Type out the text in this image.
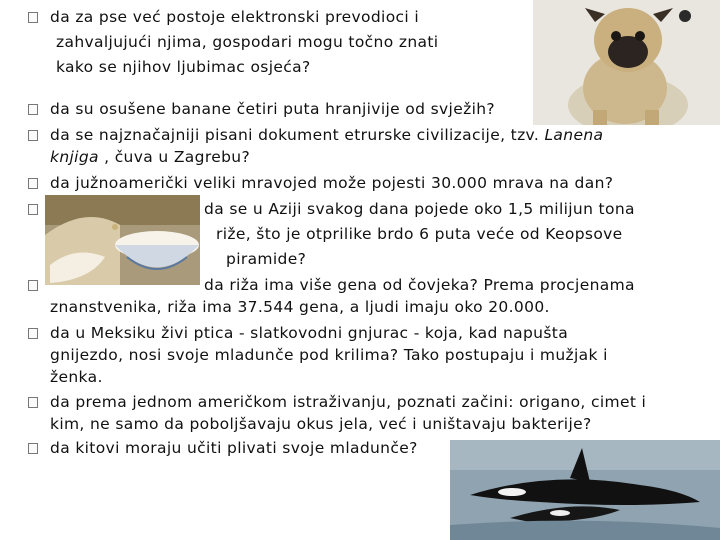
da za pse već postoje elektronski prevodioci i
zahvaljujući njima, gospodari mogu točno znati
kako se njihov ljubimac osjeća?
da su osušene banane četiri puta hranjivije od svježih?
da se najznačajniji pisani dokument etrurske civilizacije, tzv. Lanena
knjiga , čuva u Zagrebu?
da južnoamerički veliki mravojed može pojesti 30.000 mrava na dan?
da se u Aziji svakog dana pojede oko 1,5 milijun tona
riže, što je otprilike brdo 6 puta veće od Keopsove
piramide?
da riža ima više gena od čovjeka? Prema procjenama
znanstvenika, riža ima 37.544 gena, a ljudi imaju oko 20.000.
da u Meksiku živi ptica - slatkovodni gnjurac - koja, kad napušta
gnijezdo, nosi svoje mladunče pod krilima? Tako postupaju i mužjak i
ženka.
da prema jednom američkom istraživanju, poznati začini: origano, cimet i
kim, ne samo da poboljšavaju okus jela, već i uništavaju bakterije?
da kitovi moraju učiti plivati svoje mladunče?
